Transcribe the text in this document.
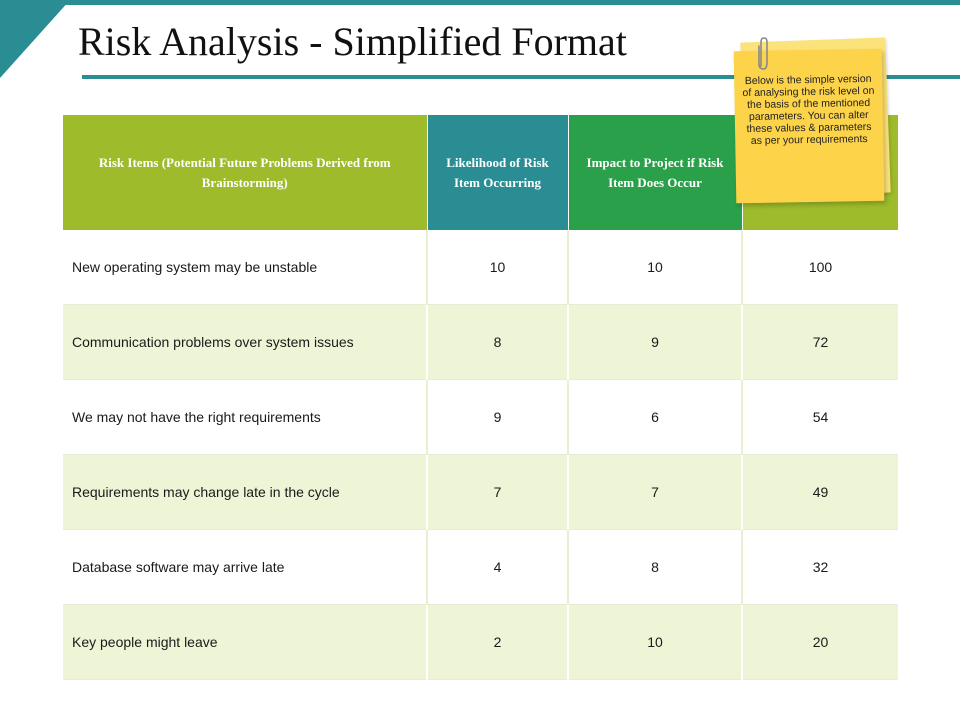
Risk Analysis - Simplified Format
Risk Items (Potential Future Problems Derived from Brainstorming)	Likelihood of Risk Item Occurring	Impact to Project if Risk Item Does Occur	
New operating system may be unstable	10	10	100
Communication problems over system issues	8	9	72
We may not have the right requirements	9	6	54
Requirements may change late in the cycle	7	7	49
Database software may arrive late	4	8	32
Key people might leave	2	10	20
Below is the simple version of analysing the risk level on the basis of the mentioned parameters. You can alter these values & parameters as per your requirements
